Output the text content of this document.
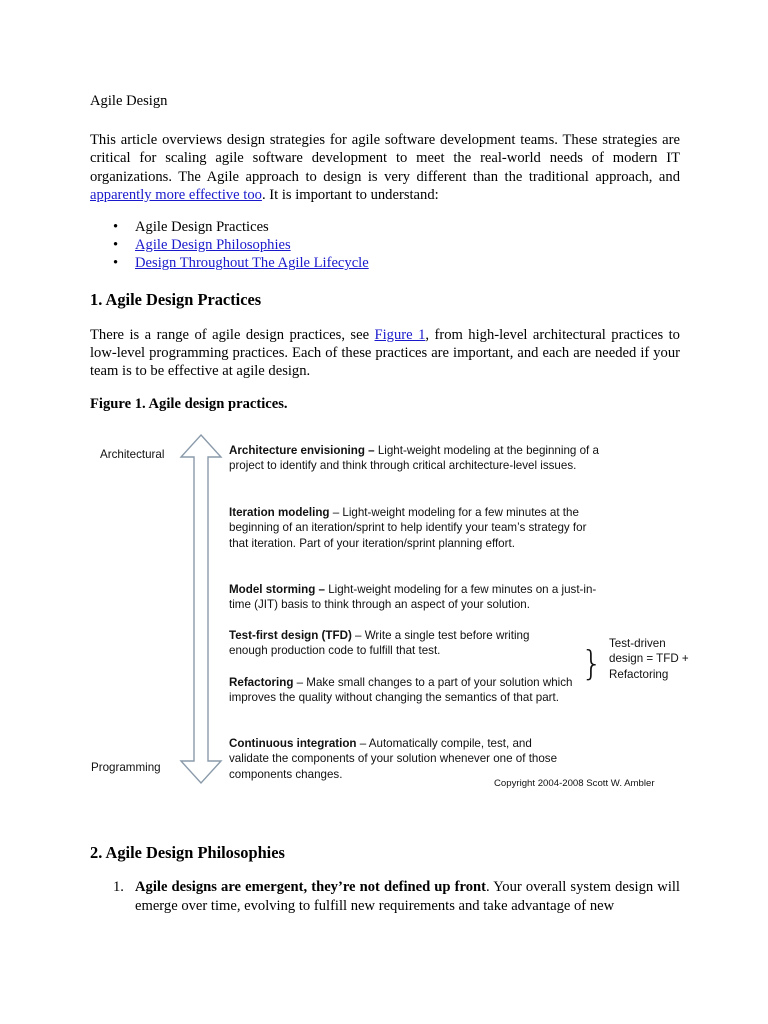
Agile Design

This article overviews design strategies for agile software development teams. These strategies are critical for scaling agile software development to meet the real-world needs of modern IT organizations. The Agile approach to design is very different than the traditional approach, and apparently more effective too. It is important to understand:

• Agile Design Practices
• Agile Design Philosophies
• Design Throughout The Agile Lifecycle
1. Agile Design Practices

There is a range of agile design practices, see Figure 1, from high-level architectural practices to low-level programming practices. Each of these practices are important, and each are needed if your team is to be effective at agile design.

Figure 1. Agile design practices.

Architectural	Architecture envisioning – Light-weight modeling at the beginning of a project to identify and think through critical architecture-level issues.
Iteration modeling – Light-weight modeling for a few minutes at the beginning of an iteration/sprint to help identify your team’s strategy for that iteration. Part of your iteration/sprint planning effort.
Model storming – Light-weight modeling for a few minutes on a just-in-time (JIT) basis to think through an aspect of your solution.
Test-first design (TFD) – Write a single test before writing enough production code to fulfill that test.
Refactoring – Make small changes to a part of your solution which improves the quality without changing the semantics of that part.
Continuous integration – Automatically compile, test, and validate the components of your solution whenever one of those components changes.
}
Test-driven design = TFD + Refactoring
Programming
Copyright 2004-2008 Scott W. Ambler
2. Agile Design Philosophies
1. Agile designs are emergent, they’re not defined up front. Your overall system design will emerge over time, evolving to fulfill new requirements and take advantage of new
